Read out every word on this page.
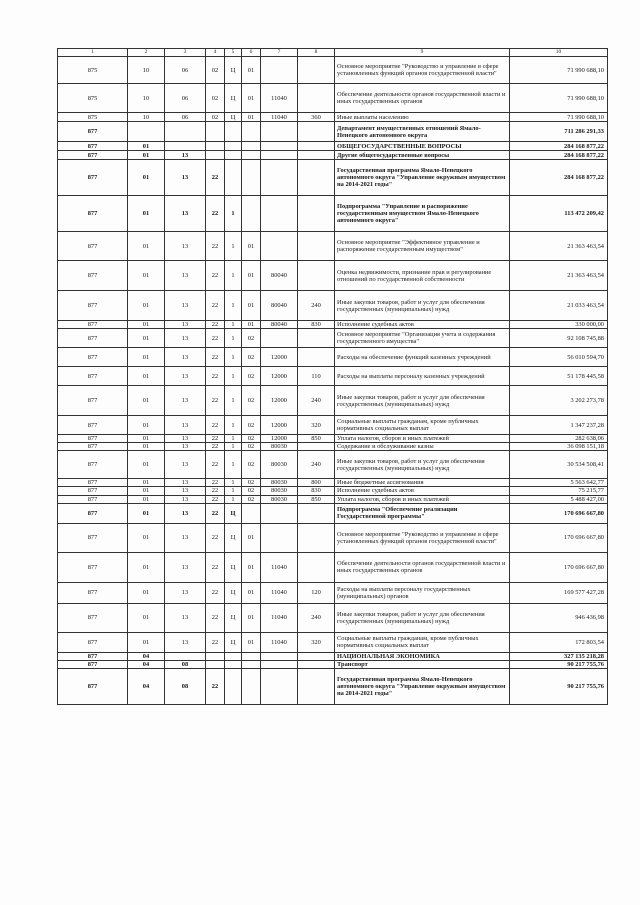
1	2	3	4	5	6	7	8	9	10
875	10	06	02	Ц	01			Основное мероприятие "Руководство и управление в сфере установленных функций органов государственной власти"	71 990 688,10
875	10	06	02	Ц	01	11040		Обеспечение деятельности органов государственной власти и иных государственных органов	71 990 688,10
875	10	06	02	Ц	01	11040	360	Иные выплаты населению	71 990 688,10
877								Департамент имущественных отношений Ямало-Ненецкого автономного округа	711 286 291,33
877	01							ОБЩЕГОСУДАРСТВЕННЫЕ ВОПРОСЫ	284 168 877,22
877	01	13						Другие общегосударственные вопросы	284 168 877,22
877	01	13	22					Государственная программа Ямало-Ненецкого автономного округа "Управление окружным имуществом на 2014-2021 годы"	284 168 877,22
877	01	13	22	1				Подпрограмма "Управление и распоряжение государственным имуществом Ямало-Ненецкого автономного округа"	113 472 209,42
877	01	13	22	1	01			Основное мероприятие "Эффективное управление и распоряжение государственным имуществом"	21 363 463,54
877	01	13	22	1	01	80040		Оценка недвижимости, признание прав и регулирование отношений по государственной собственности	21 363 463,54
877	01	13	22	1	01	80040	240	Иные закупки товаров, работ и услуг для обеспечения государственных (муниципальных) нужд	21 033 463,54
877	01	13	22	1	01	80040	830	Исполнение судебных актов	330 000,00
877	01	13	22	1	02			Основное мероприятие "Организация учета и содержания государственного имущества"	92 108 745,88
877	01	13	22	1	02	12000		Расходы на обеспечение функций казенных учреждений	56 010 594,70
877	01	13	22	1	02	12000	110	Расходы на выплаты персоналу казенных учреждений	51 178 445,58
877	01	13	22	1	02	12000	240	Иные закупки товаров, работ и услуг для обеспечения государственных (муниципальных) нужд	3 202 273,78
877	01	13	22	1	02	12000	320	Социальные выплаты гражданам, кроме публичных нормативных социальных выплат	1 347 237,28
877	01	13	22	1	02	12000	850	Уплата налогов, сборов и иных платежей	282 638,06
877	01	13	22	1	02	80030		Содержание и обслуживание казны	36 098 151,18
877	01	13	22	1	02	80030	240	Иные закупки товаров, работ и услуг для обеспечения государственных (муниципальных) нужд	30 534 508,41
877	01	13	22	1	02	80030	800	Иные бюджетные ассигнования	5 563 642,77
877	01	13	22	1	02	80030	830	Исполнение судебных актов	75 215,77
877	01	13	22	1	02	80030	850	Уплата налогов, сборов и иных платежей	5 488 427,00
877	01	13	22	Ц				Подпрограмма "Обеспечение реализации Государственной программы"	170 696 667,80
877	01	13	22	Ц	01			Основное мероприятие "Руководство и управление в сфере установленных функций органов государственной власти"	170 696 667,80
877	01	13	22	Ц	01	11040		Обеспечение деятельности органов государственной власти и иных государственных органов	170 696 667,80
877	01	13	22	Ц	01	11040	120	Расходы на выплаты персоналу государственных (муниципальных) органов	169 577 427,28
877	01	13	22	Ц	01	11040	240	Иные закупки товаров, работ и услуг для обеспечения государственных (муниципальных) нужд	946 436,98
877	01	13	22	Ц	01	11040	320	Социальные выплаты гражданам, кроме публичных нормативных социальных выплат	172 803,54
877	04							НАЦИОНАЛЬНАЯ ЭКОНОМИКА	327 135 218,28
877	04	08						Транспорт	90 217 755,76
877	04	08	22					Государственная программа Ямало-Ненецкого автономного округа "Управление окружным имуществом на 2014-2021 годы"	90 217 755,76
